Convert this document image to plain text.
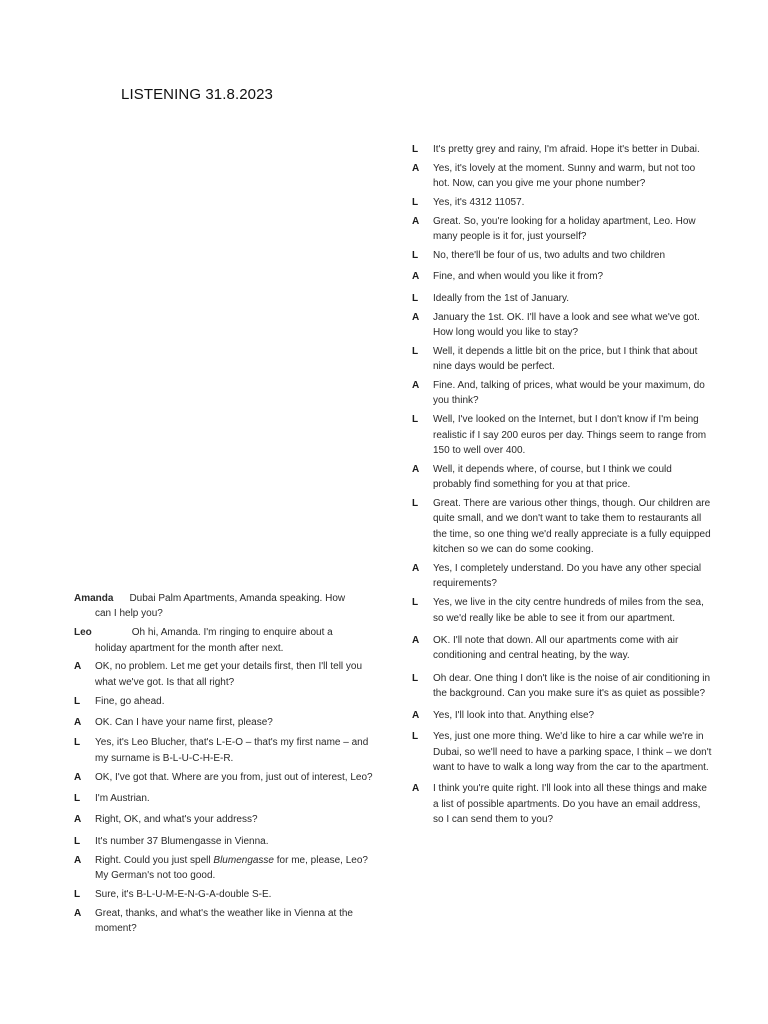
LISTENING 31.8.2023
Amanda Dubai Palm Apartments, Amanda speaking. How
can I help you?
Leo	Oh hi, Amanda. I'm ringing to enquire about a
holiday apartment for the month after next.
A OK, no problem. Let me get your details first, then I'll tell you what we've got. Is that all right?
L Fine, go ahead.
A OK. Can I have your name first, please?
L Yes, it's Leo Blucher, that's L-E-O – that's my first name – and my surname is B-L-U-C-H-E-R.
A OK, I've got that. Where are you from, just out of interest, Leo?
L I'm Austrian.
A Right, OK, and what's your address?
L It's number 37 Blumengasse in Vienna.
A Right. Could you just spell Blumengasse for me, please, Leo? My German's not too good.
L Sure, it's B-L-U-M-E-N-G-A-double S-E.
A Great, thanks, and what's the weather like in Vienna at the moment?
L It's pretty grey and rainy, I'm afraid. Hope it's better in Dubai.
A Yes, it's lovely at the moment. Sunny and warm, but not too hot. Now, can you give me your phone number?
L Yes, it's 4312 11057.
A Great. So, you're looking for a holiday apartment, Leo. How many people is it for, just yourself?
L No, there'll be four of us, two adults and two children
A Fine, and when would you like it from?
L Ideally from the 1st of January.
A January the 1st. OK. I'll have a look and see what we've got. How long would you like to stay?
L Well, it depends a little bit on the price, but I think that about nine days would be perfect.
A Fine. And, talking of prices, what would be your maximum, do you think?
L Well, I've looked on the Internet, but I don't know if I'm being realistic if I say 200 euros per day. Things seem to range from 150 to well over 400.
A Well, it depends where, of course, but I think we could probably find something for you at that price.
L Great. There are various other things, though. Our children are quite small, and we don't want to take them to restaurants all the time, so one thing we'd really appreciate is a fully equipped kitchen so we can do some cooking.
A Yes, I completely understand. Do you have any other special requirements?
L Yes, we live in the city centre hundreds of miles from the sea, so we'd really like be able to see it from our apartment.
A OK. I'll note that down. All our apartments come with air conditioning and central heating, by the way.
L Oh dear. One thing I don't like is the noise of air conditioning in the background. Can you make sure it's as quiet as possible?
A Yes, I'll look into that. Anything else?
L Yes, just one more thing. We'd like to hire a car while we're in Dubai, so we'll need to have a parking space, I think – we don't want to have to walk a long way from the car to the apartment.
A I think you're quite right. I'll look into all these things and make a list of possible apartments. Do you have an email address, so I can send them to you?
